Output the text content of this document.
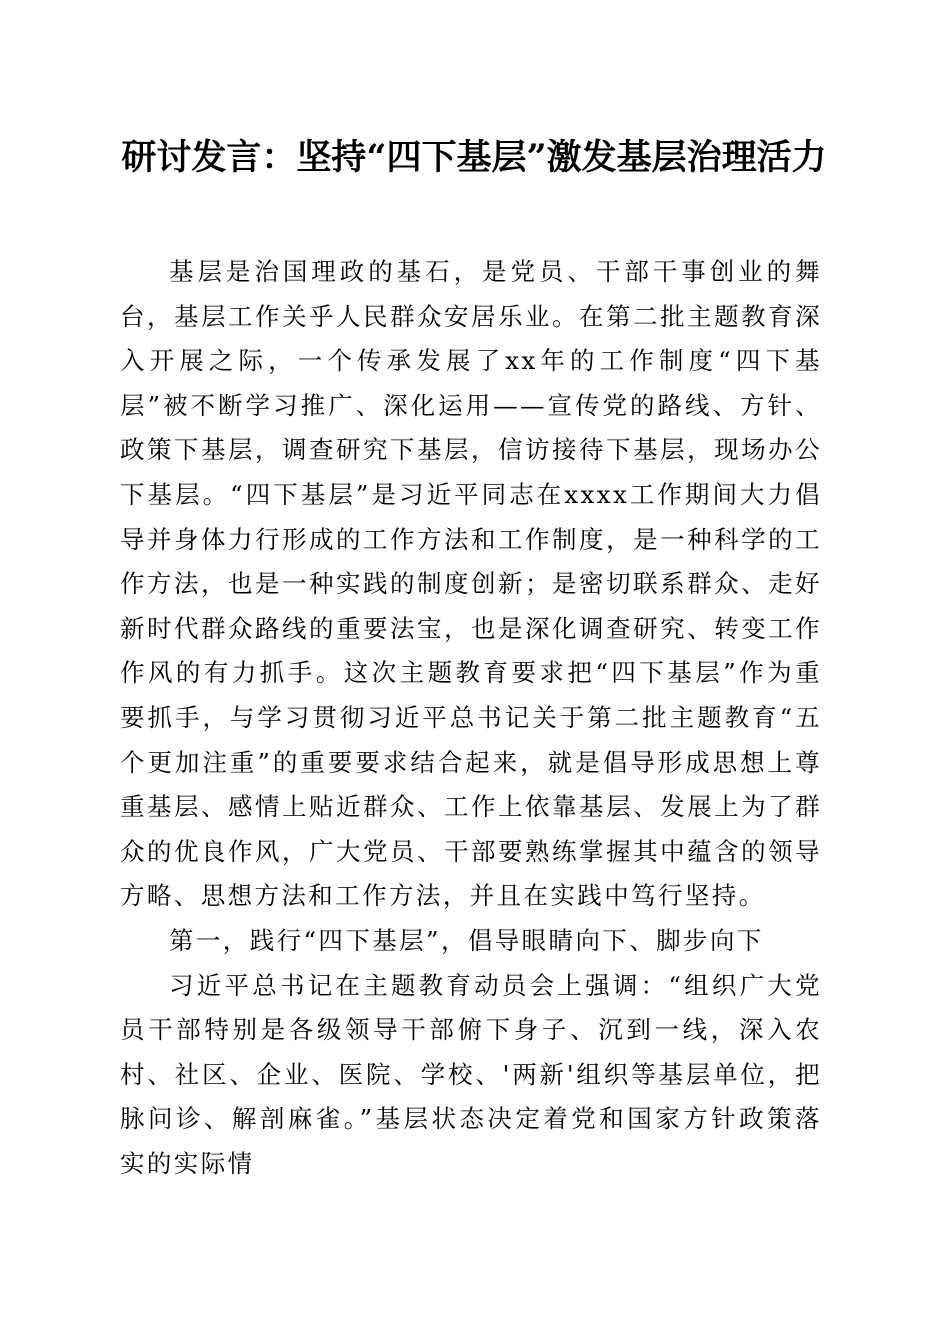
研讨发言：坚持“四下基层”激发基层治理活力

基层是治国理政的基石，是党员、干部干事创业的舞台，基层工作关乎人民群众安居乐业。在第二批主题教育深入开展之际，一个传承发展了xx年的工作制度“四下基层”被不断学习推广、深化运用——宣传党的路线、方针、政策下基层，调查研究下基层，信访接待下基层，现场办公下基层。“四下基层”是习近平同志在xxxx工作期间大力倡导并身体力行形成的工作方法和工作制度，是一种科学的工作方法，也是一种实践的制度创新；是密切联系群众、走好新时代群众路线的重要法宝，也是深化调查研究、转变工作作风的有力抓手。这次主题教育要求把“四下基层”作为重要抓手，与学习贯彻习近平总书记关于第二批主题教育“五个更加注重”的重要要求结合起来，就是倡导形成思想上尊重基层、感情上贴近群众、工作上依靠基层、发展上为了群众的优良作风，广大党员、干部要熟练掌握其中蕴含的领导方略、思想方法和工作方法，并且在实践中笃行坚持。

第一，践行“四下基层”，倡导眼睛向下、脚步向下

习近平总书记在主题教育动员会上强调：“组织广大党员干部特别是各级领导干部俯下身子、沉到一线，深入农村、社区、企业、医院、学校、'两新'组织等基层单位，把脉问诊、解剖麻雀。”基层状态决定着党和国家方针政策落实的实际情
